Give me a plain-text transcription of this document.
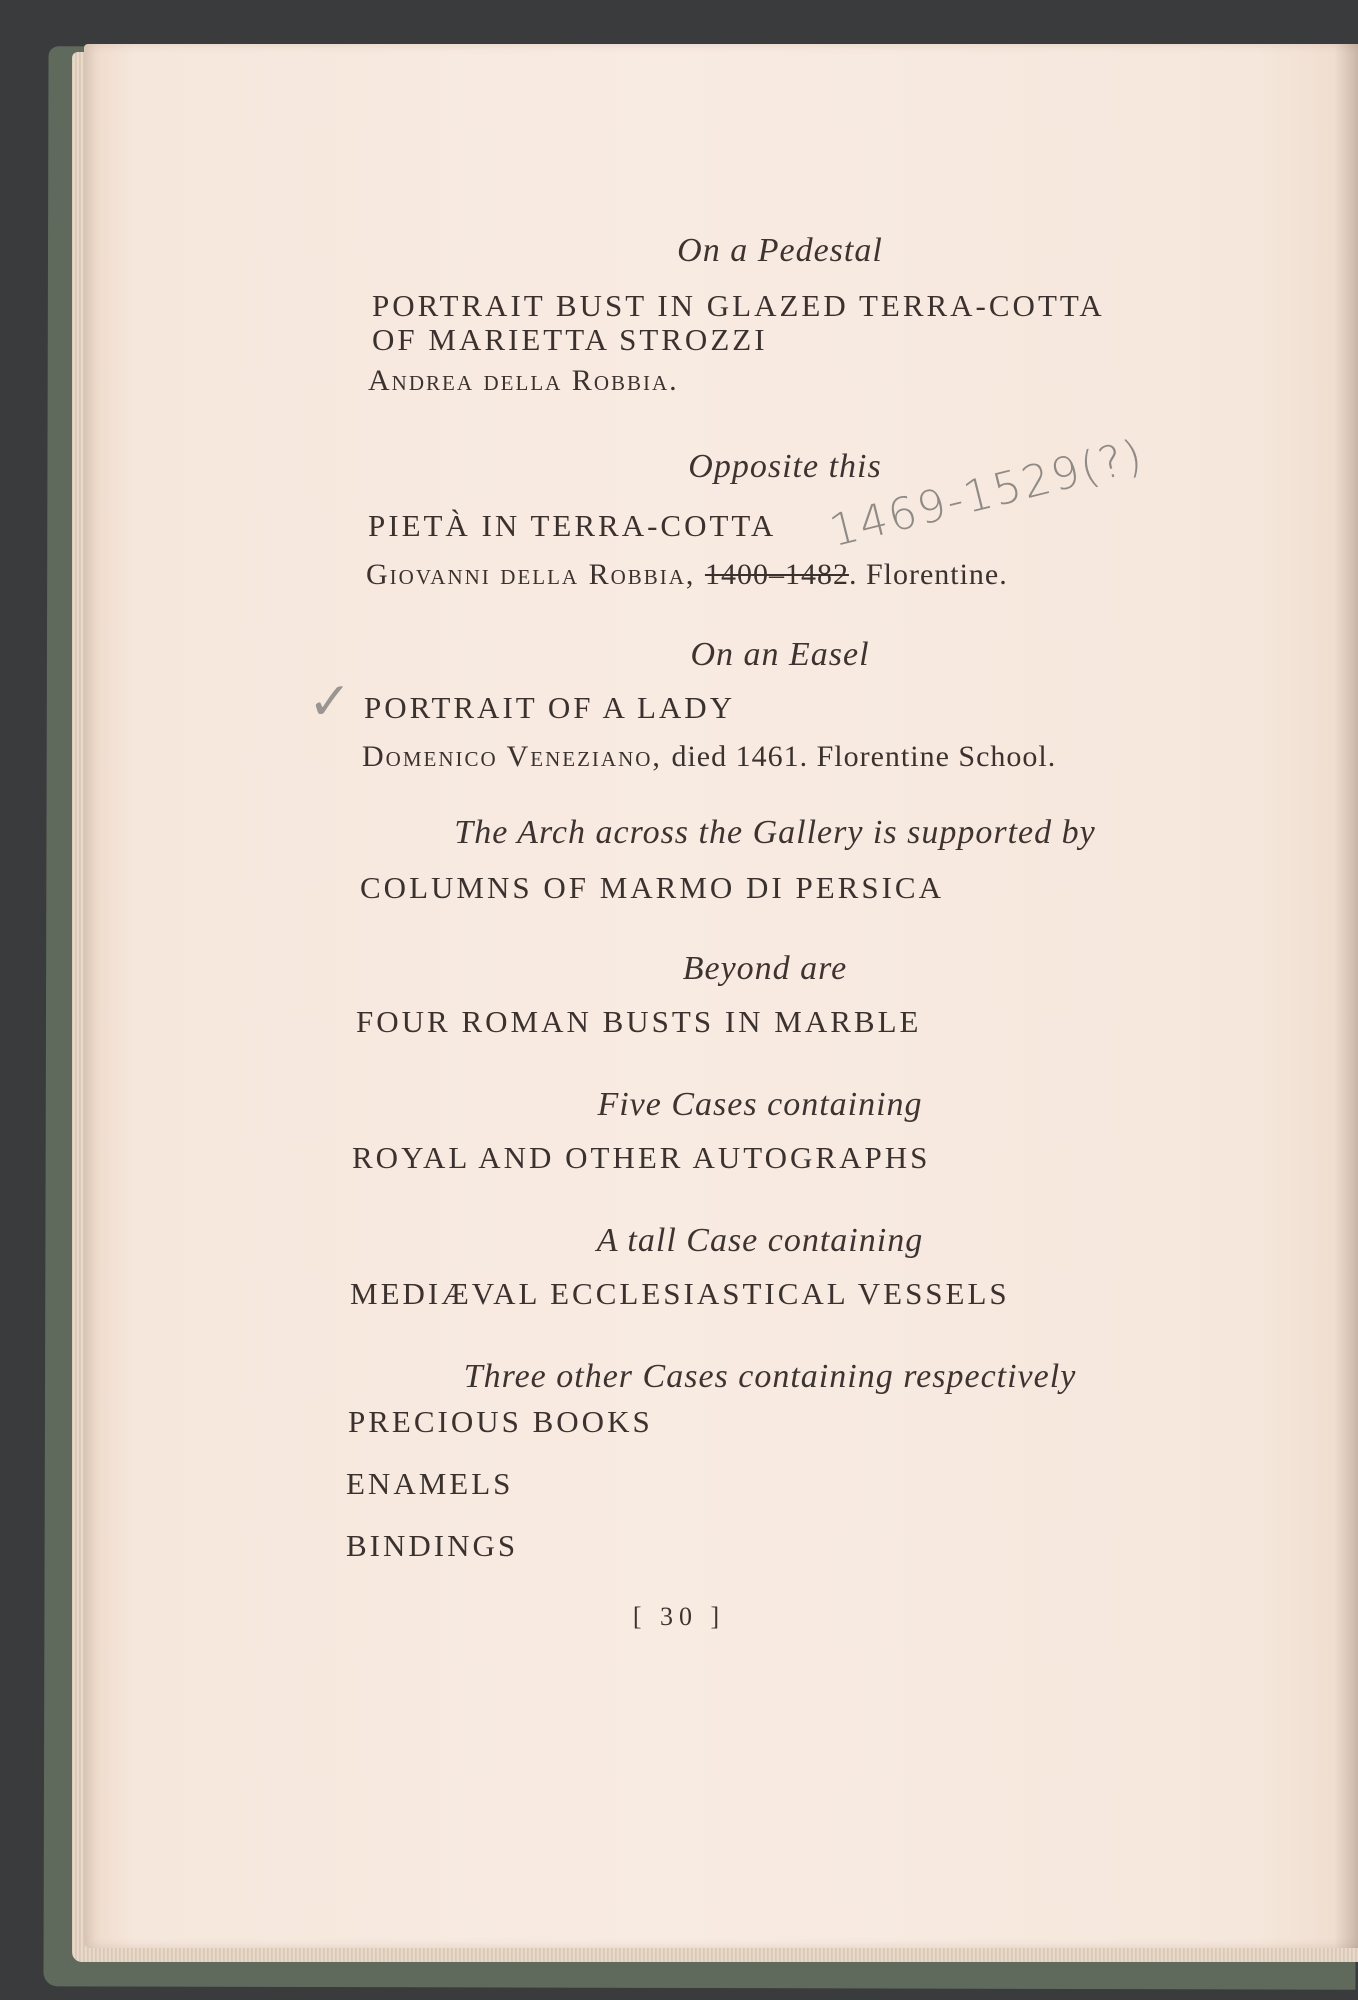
On a Pedestal

PORTRAIT BUST IN GLAZED TERRA-COTTA

OF MARIETTA STROZZI

Andrea della Robbia.

Opposite this

PIETÀ IN TERRA-COTTA

Giovanni della Robbia, 1400–1482. Florentine.

1469-1529(?)

On an Easel

✓ PORTRAIT OF A LADY

Domenico Veneziano, died 1461. Florentine School.

The Arch across the Gallery is supported by

COLUMNS OF MARMO DI PERSICA

Beyond are

FOUR ROMAN BUSTS IN MARBLE

Five Cases containing

ROYAL AND OTHER AUTOGRAPHS

A tall Case containing

MEDIÆVAL ECCLESIASTICAL VESSELS

Three other Cases containing respectively

PRECIOUS BOOKS

ENAMELS

BINDINGS

[ 30 ]
